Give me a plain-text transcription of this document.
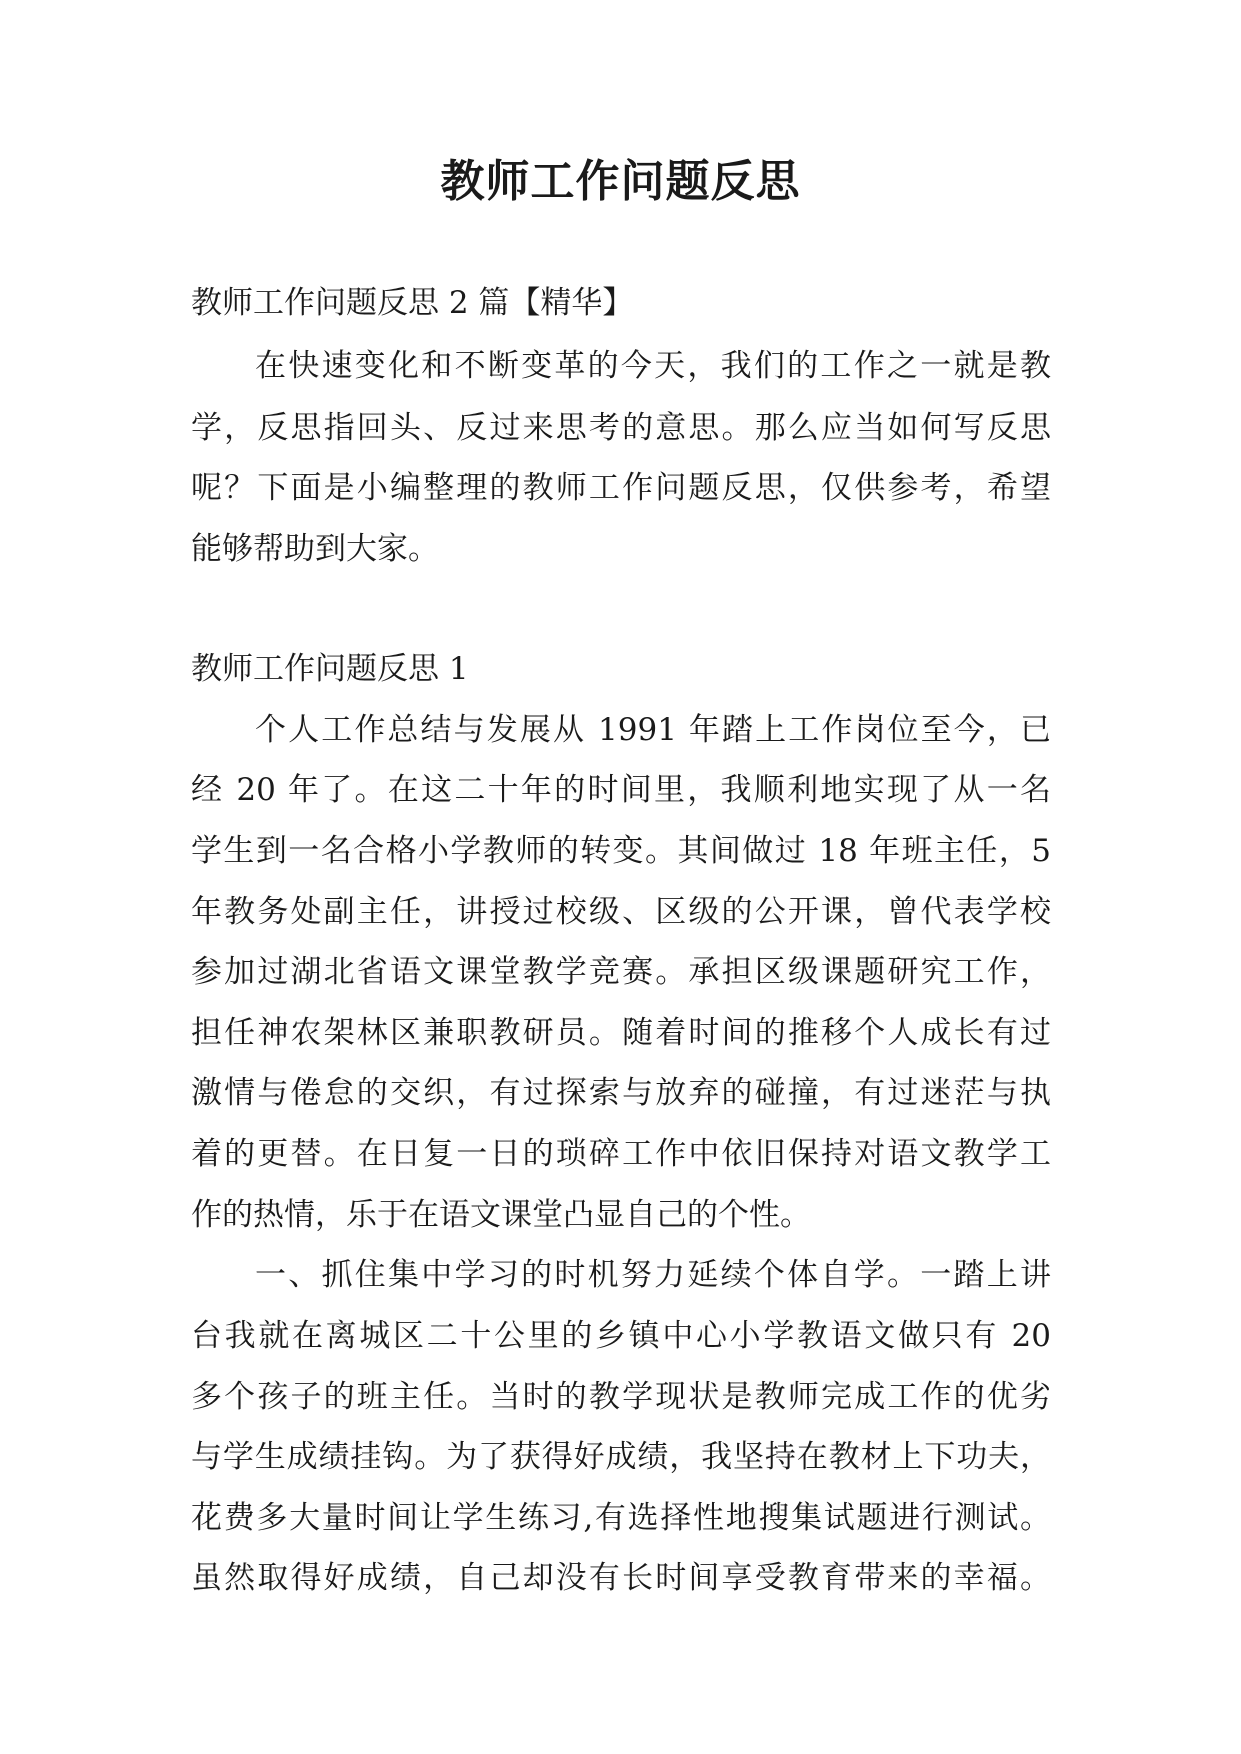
教师工作问题反思

教师工作问题反思 2 篇【精华】

在快速变化和不断变革的今天，我们的工作之一就是教

学，反思指回头、反过来思考的意思。那么应当如何写反思

呢？下面是小编整理的教师工作问题反思，仅供参考，希望

能够帮助到大家。

教师工作问题反思 1

个人工作总结与发展从 1991 年踏上工作岗位至今，已

经 20 年了。在这二十年的时间里，我顺利地实现了从一名

学生到一名合格小学教师的转变。其间做过 18 年班主任，5

年教务处副主任，讲授过校级、区级的公开课，曾代表学校

参加过湖北省语文课堂教学竞赛。承担区级课题研究工作，

担任神农架林区兼职教研员。随着时间的推移个人成长有过

激情与倦怠的交织，有过探索与放弃的碰撞，有过迷茫与执

着的更替。在日复一日的琐碎工作中依旧保持对语文教学工

作的热情，乐于在语文课堂凸显自己的个性。

一、抓住集中学习的时机努力延续个体自学。一踏上讲

台我就在离城区二十公里的乡镇中心小学教语文做只有 20

多个孩子的班主任。当时的教学现状是教师完成工作的优劣

与学生成绩挂钩。为了获得好成绩，我坚持在教材上下功夫，

花费多大量时间让学生练习,有选择性地搜集试题进行测试。

虽然取得好成绩，自己却没有长时间享受教育带来的幸福。
